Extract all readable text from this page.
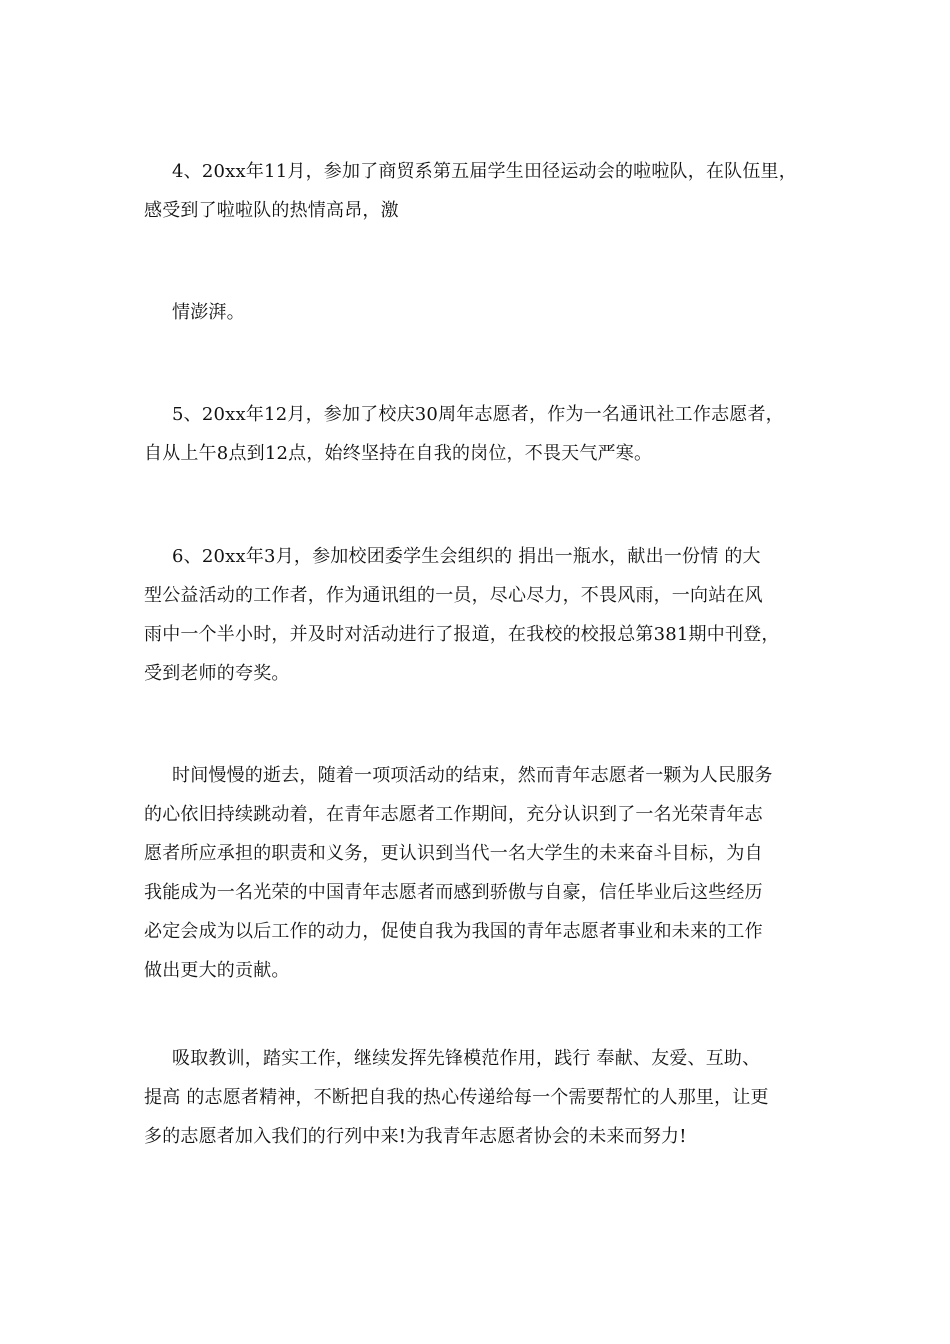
4、20xx年11月，参加了商贸系第五届学生田径运动会的啦啦队，在队伍里，
感受到了啦啦队的热情高昂，激

情澎湃。

5、20xx年12月，参加了校庆30周年志愿者，作为一名通讯社工作志愿者，
自从上午8点到12点，始终坚持在自我的岗位，不畏天气严寒。

6、20xx年3月，参加校团委学生会组织的 捐出一瓶水，献出一份情 的大
型公益活动的工作者，作为通讯组的一员，尽心尽力，不畏风雨，一向站在风
雨中一个半小时，并及时对活动进行了报道，在我校的校报总第381期中刊登，
受到老师的夸奖。

时间慢慢的逝去，随着一项项活动的结束，然而青年志愿者一颗为人民服务
的心依旧持续跳动着，在青年志愿者工作期间，充分认识到了一名光荣青年志
愿者所应承担的职责和义务，更认识到当代一名大学生的未来奋斗目标，为自
我能成为一名光荣的中国青年志愿者而感到骄傲与自豪，信任毕业后这些经历
必定会成为以后工作的动力，促使自我为我国的青年志愿者事业和未来的工作
做出更大的贡献。

吸取教训，踏实工作，继续发挥先锋模范作用，践行 奉献、友爱、互助、
提高 的志愿者精神，不断把自我的热心传递给每一个需要帮忙的人那里，让更
多的志愿者加入我们的行列中来!为我青年志愿者协会的未来而努力!
